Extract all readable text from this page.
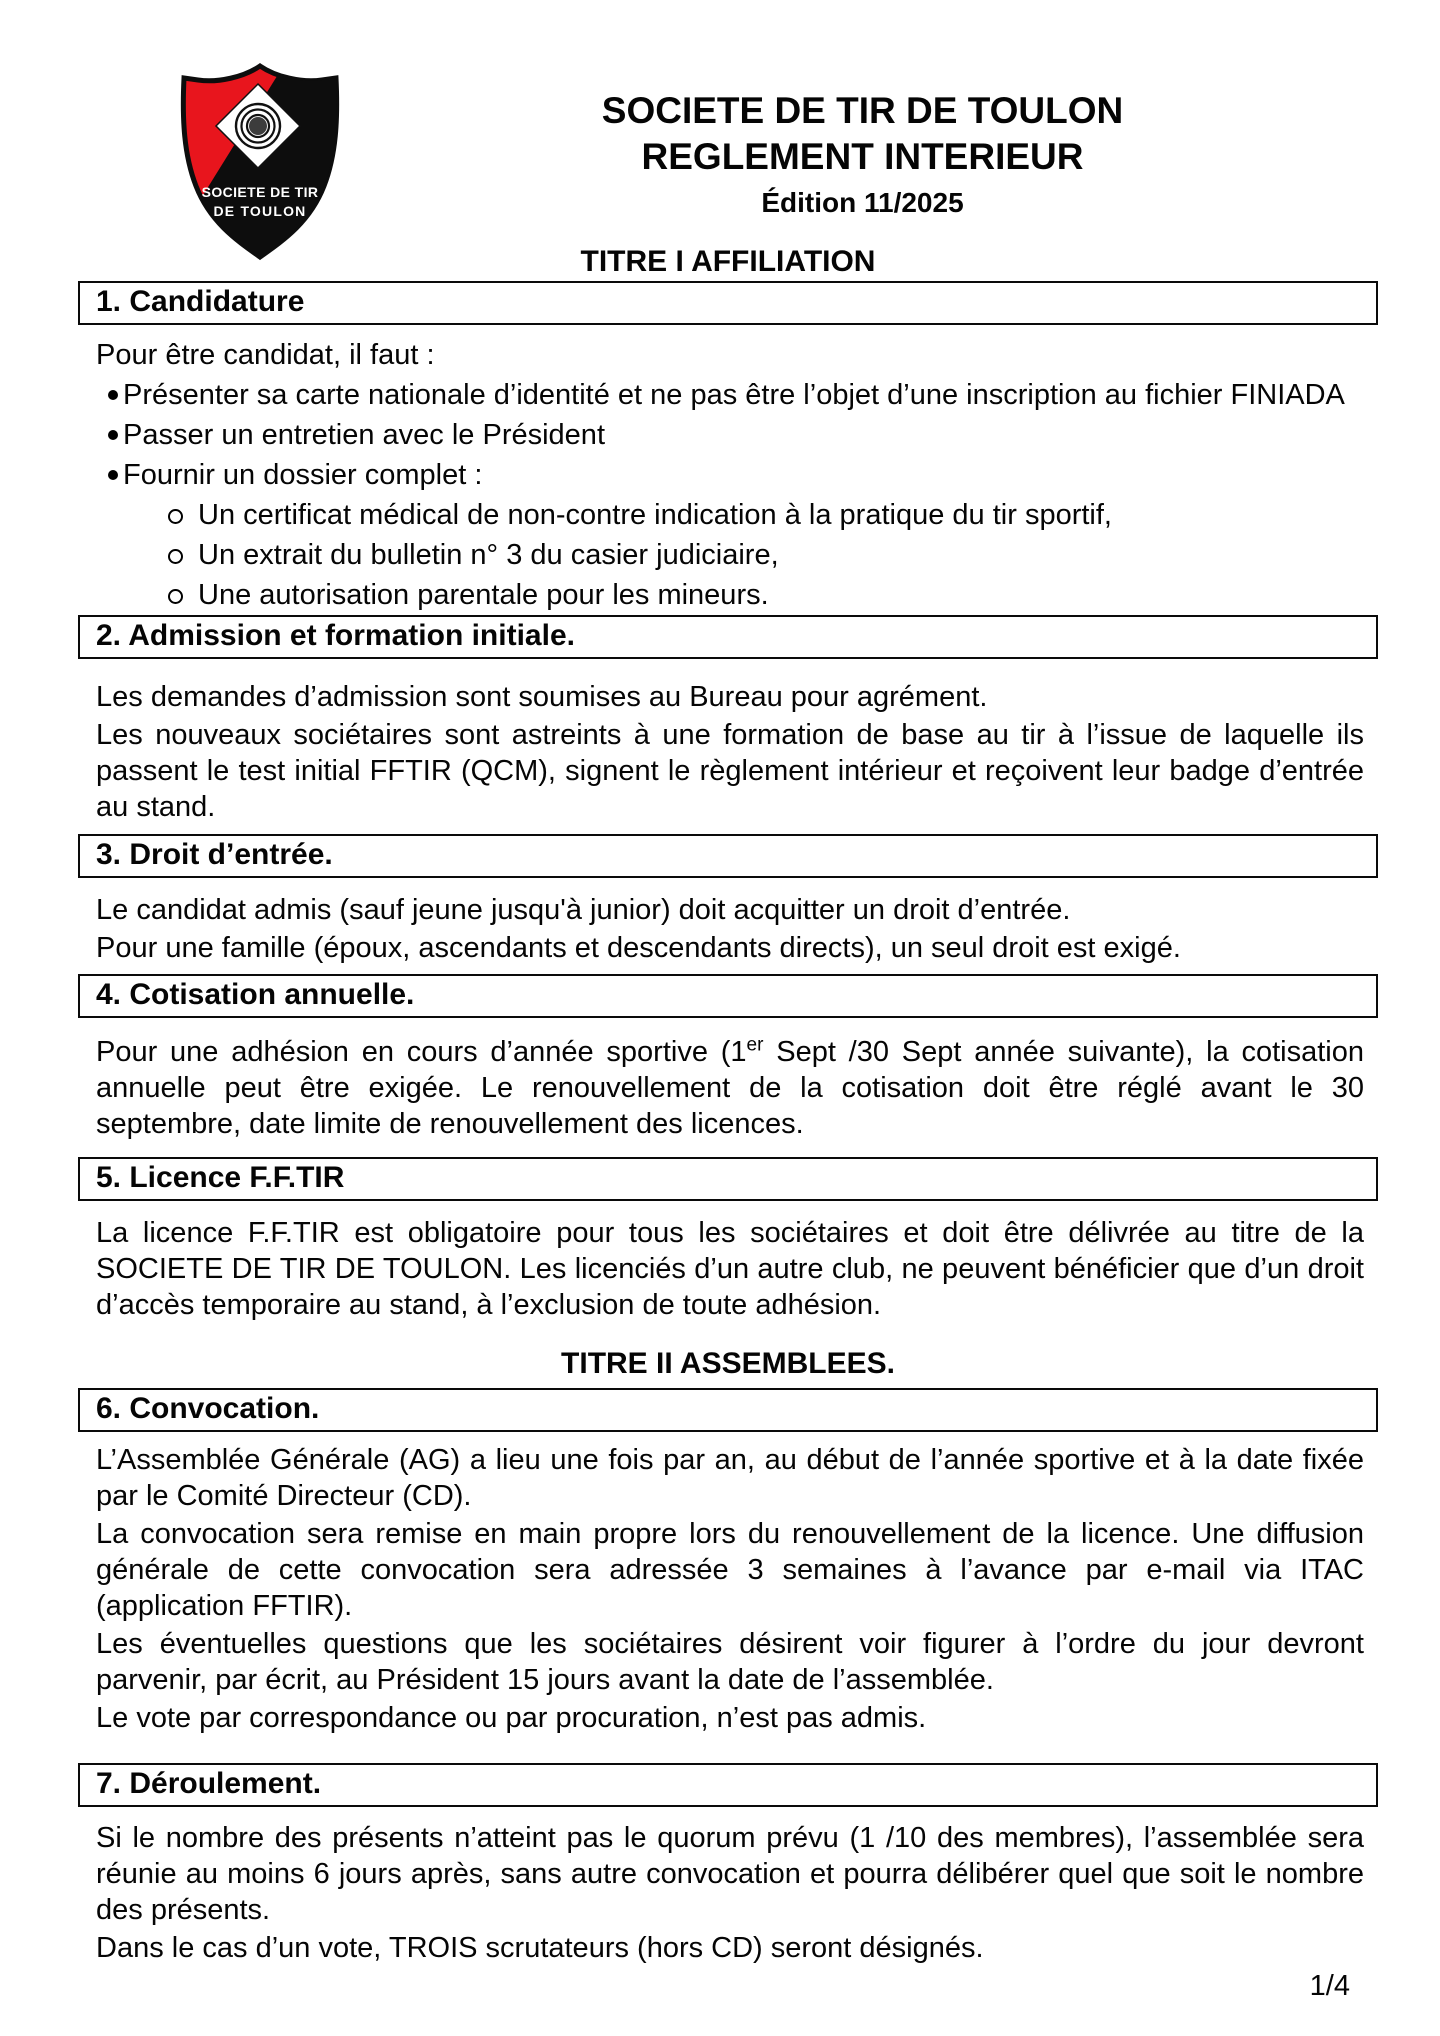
SOCIETE DE TIR
DE TOULON
SOCIETE DE TIR DE TOULON
REGLEMENT INTERIEUR
Édition 11/2025
TITRE I AFFILIATION
1. Candidature

Pour être candidat, il faut :

Présenter sa carte nationale d’identité et ne pas être l’objet d’une inscription au fichier FINIADA
Passer un entretien avec le Président
Fournir un dossier complet :
Un certificat médical de non-contre indication à la pratique du tir sportif,
Un extrait du bulletin n° 3 du casier judiciaire,
Une autorisation parentale pour les mineurs.
2. Admission et formation initiale.

Les demandes d’admission sont soumises au Bureau pour agrément.

Les nouveaux sociétaires sont astreints à une formation de base au tir à l’issue de laquelle ils passent le test initial FFTIR (QCM), signent le règlement intérieur et reçoivent leur badge d’entrée au stand.

3. Droit d’entrée.

Le candidat admis (sauf jeune jusqu'à junior) doit acquitter un droit d’entrée.

Pour une famille (époux, ascendants et descendants directs), un seul droit est exigé.

4. Cotisation annuelle.

Pour une adhésion en cours d’année sportive (1er Sept /30 Sept année suivante), la cotisation annuelle peut être exigée. Le renouvellement de la cotisation doit être réglé avant le 30 septembre, date limite de renouvellement des licences.

5. Licence F.F.TIR

La licence F.F.TIR est obligatoire pour tous les sociétaires et doit être délivrée au titre de la SOCIETE DE TIR DE TOULON. Les licenciés d’un autre club, ne peuvent bénéficier que d’un droit d’accès temporaire au stand, à l’exclusion de toute adhésion.

TITRE II ASSEMBLEES.
6. Convocation.

L’Assemblée Générale (AG) a lieu une fois par an, au début de l’année sportive et à la date fixée par le Comité Directeur (CD).

La convocation sera remise en main propre lors du renouvellement de la licence. Une diffusion générale de cette convocation sera adressée 3 semaines à l’avance par e-mail via ITAC (application FFTIR).

Les éventuelles questions que les sociétaires désirent voir figurer à l’ordre du jour devront parvenir, par écrit, au Président 15 jours avant la date de l’assemblée.

Le vote par correspondance ou par procuration, n’est pas admis.

7. Déroulement.

Si le nombre des présents n’atteint pas le quorum prévu (1 /10 des membres), l’assemblée sera réunie au moins 6 jours après, sans autre convocation et pourra délibérer quel que soit le nombre des présents.

Dans le cas d’un vote, TROIS scrutateurs (hors CD) seront désignés.

1/4
